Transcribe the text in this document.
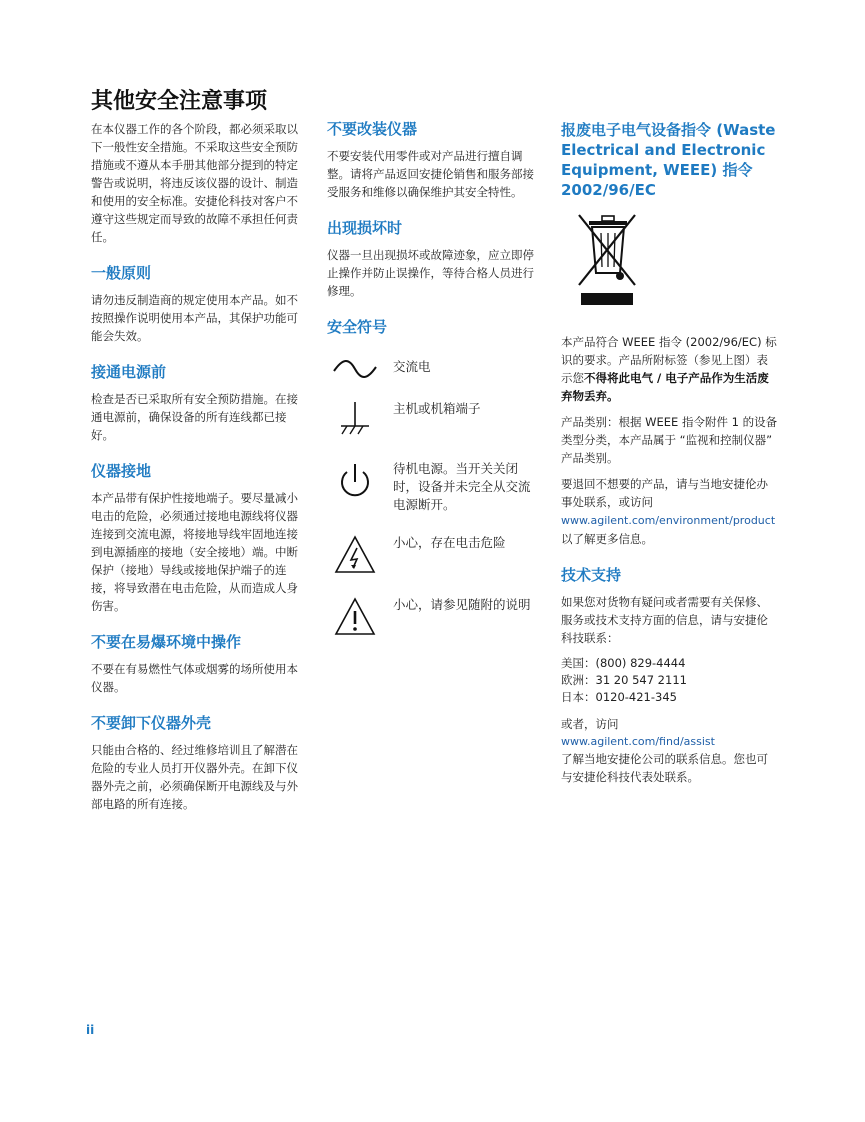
其他安全注意事项

在本仪器工作的各个阶段，都必须采取以下一般性安全措施。不采取这些安全预防措施或不遵从本手册其他部分提到的特定警告或说明，将违反该仪器的设计、制造和使用的安全标准。安捷伦科技对客户不遵守这些规定而导致的故障不承担任何责任。

一般原则

请勿违反制造商的规定使用本产品。如不按照操作说明使用本产品，其保护功能可能会失效。

接通电源前

检查是否已采取所有安全预防措施。在接通电源前，确保设备的所有连线都已接好。

仪器接地

本产品带有保护性接地端子。要尽量减小电击的危险，必须通过接地电源线将仪器连接到交流电源，将接地导线牢固地连接到电源插座的接地（安全接地）端。中断保护（接地）导线或接地保护端子的连接，将导致潜在电击危险，从而造成人身伤害。

不要在易爆环境中操作

不要在有易燃性气体或烟雾的场所使用本仪器。

不要卸下仪器外壳

只能由合格的、经过维修培训且了解潜在危险的专业人员打开仪器外壳。在卸下仪器外壳之前，必须确保断开电源线及与外部电路的所有连接。

不要改装仪器

不要安装代用零件或对产品进行擅自调整。请将产品返回安捷伦销售和服务部接受服务和维修以确保维护其安全特性。

出现损坏时

仪器一旦出现损坏或故障迹象，应立即停止操作并防止误操作，等待合格人员进行修理。

安全符号
交流电
主机或机箱端子
待机电源。当开关关闭时，设备并未完全从交流电源断开。
小心，存在电击危险
小心，请参见随附的说明
报废电子电气设备指令 (Waste Electrical and Electronic Equipment, WEEE) 指令 2002/96/EC

本产品符合 WEEE 指令 (2002/96/EC) 标识的要求。产品所附标签（参见上图）表示您不得将此电气 / 电子产品作为生活废弃物丢弃。

产品类别：根据 WEEE 指令附件 1 的设备类型分类，本产品属于 “监视和控制仪器” 产品类别。

要退回不想要的产品，请与当地安捷伦办事处联系，或访问

www.agilent.com/environment/product

以了解更多信息。

技术支持

如果您对货物有疑问或者需要有关保修、服务或技术支持方面的信息，请与安捷伦科技联系：

美国：(800) 829-4444

欧洲：31 20 547 2111

日本：0120-421-345

或者，访问

www.agilent.com/find/assist

了解当地安捷伦公司的联系信息。您也可与安捷伦科技代表处联系。

ii
